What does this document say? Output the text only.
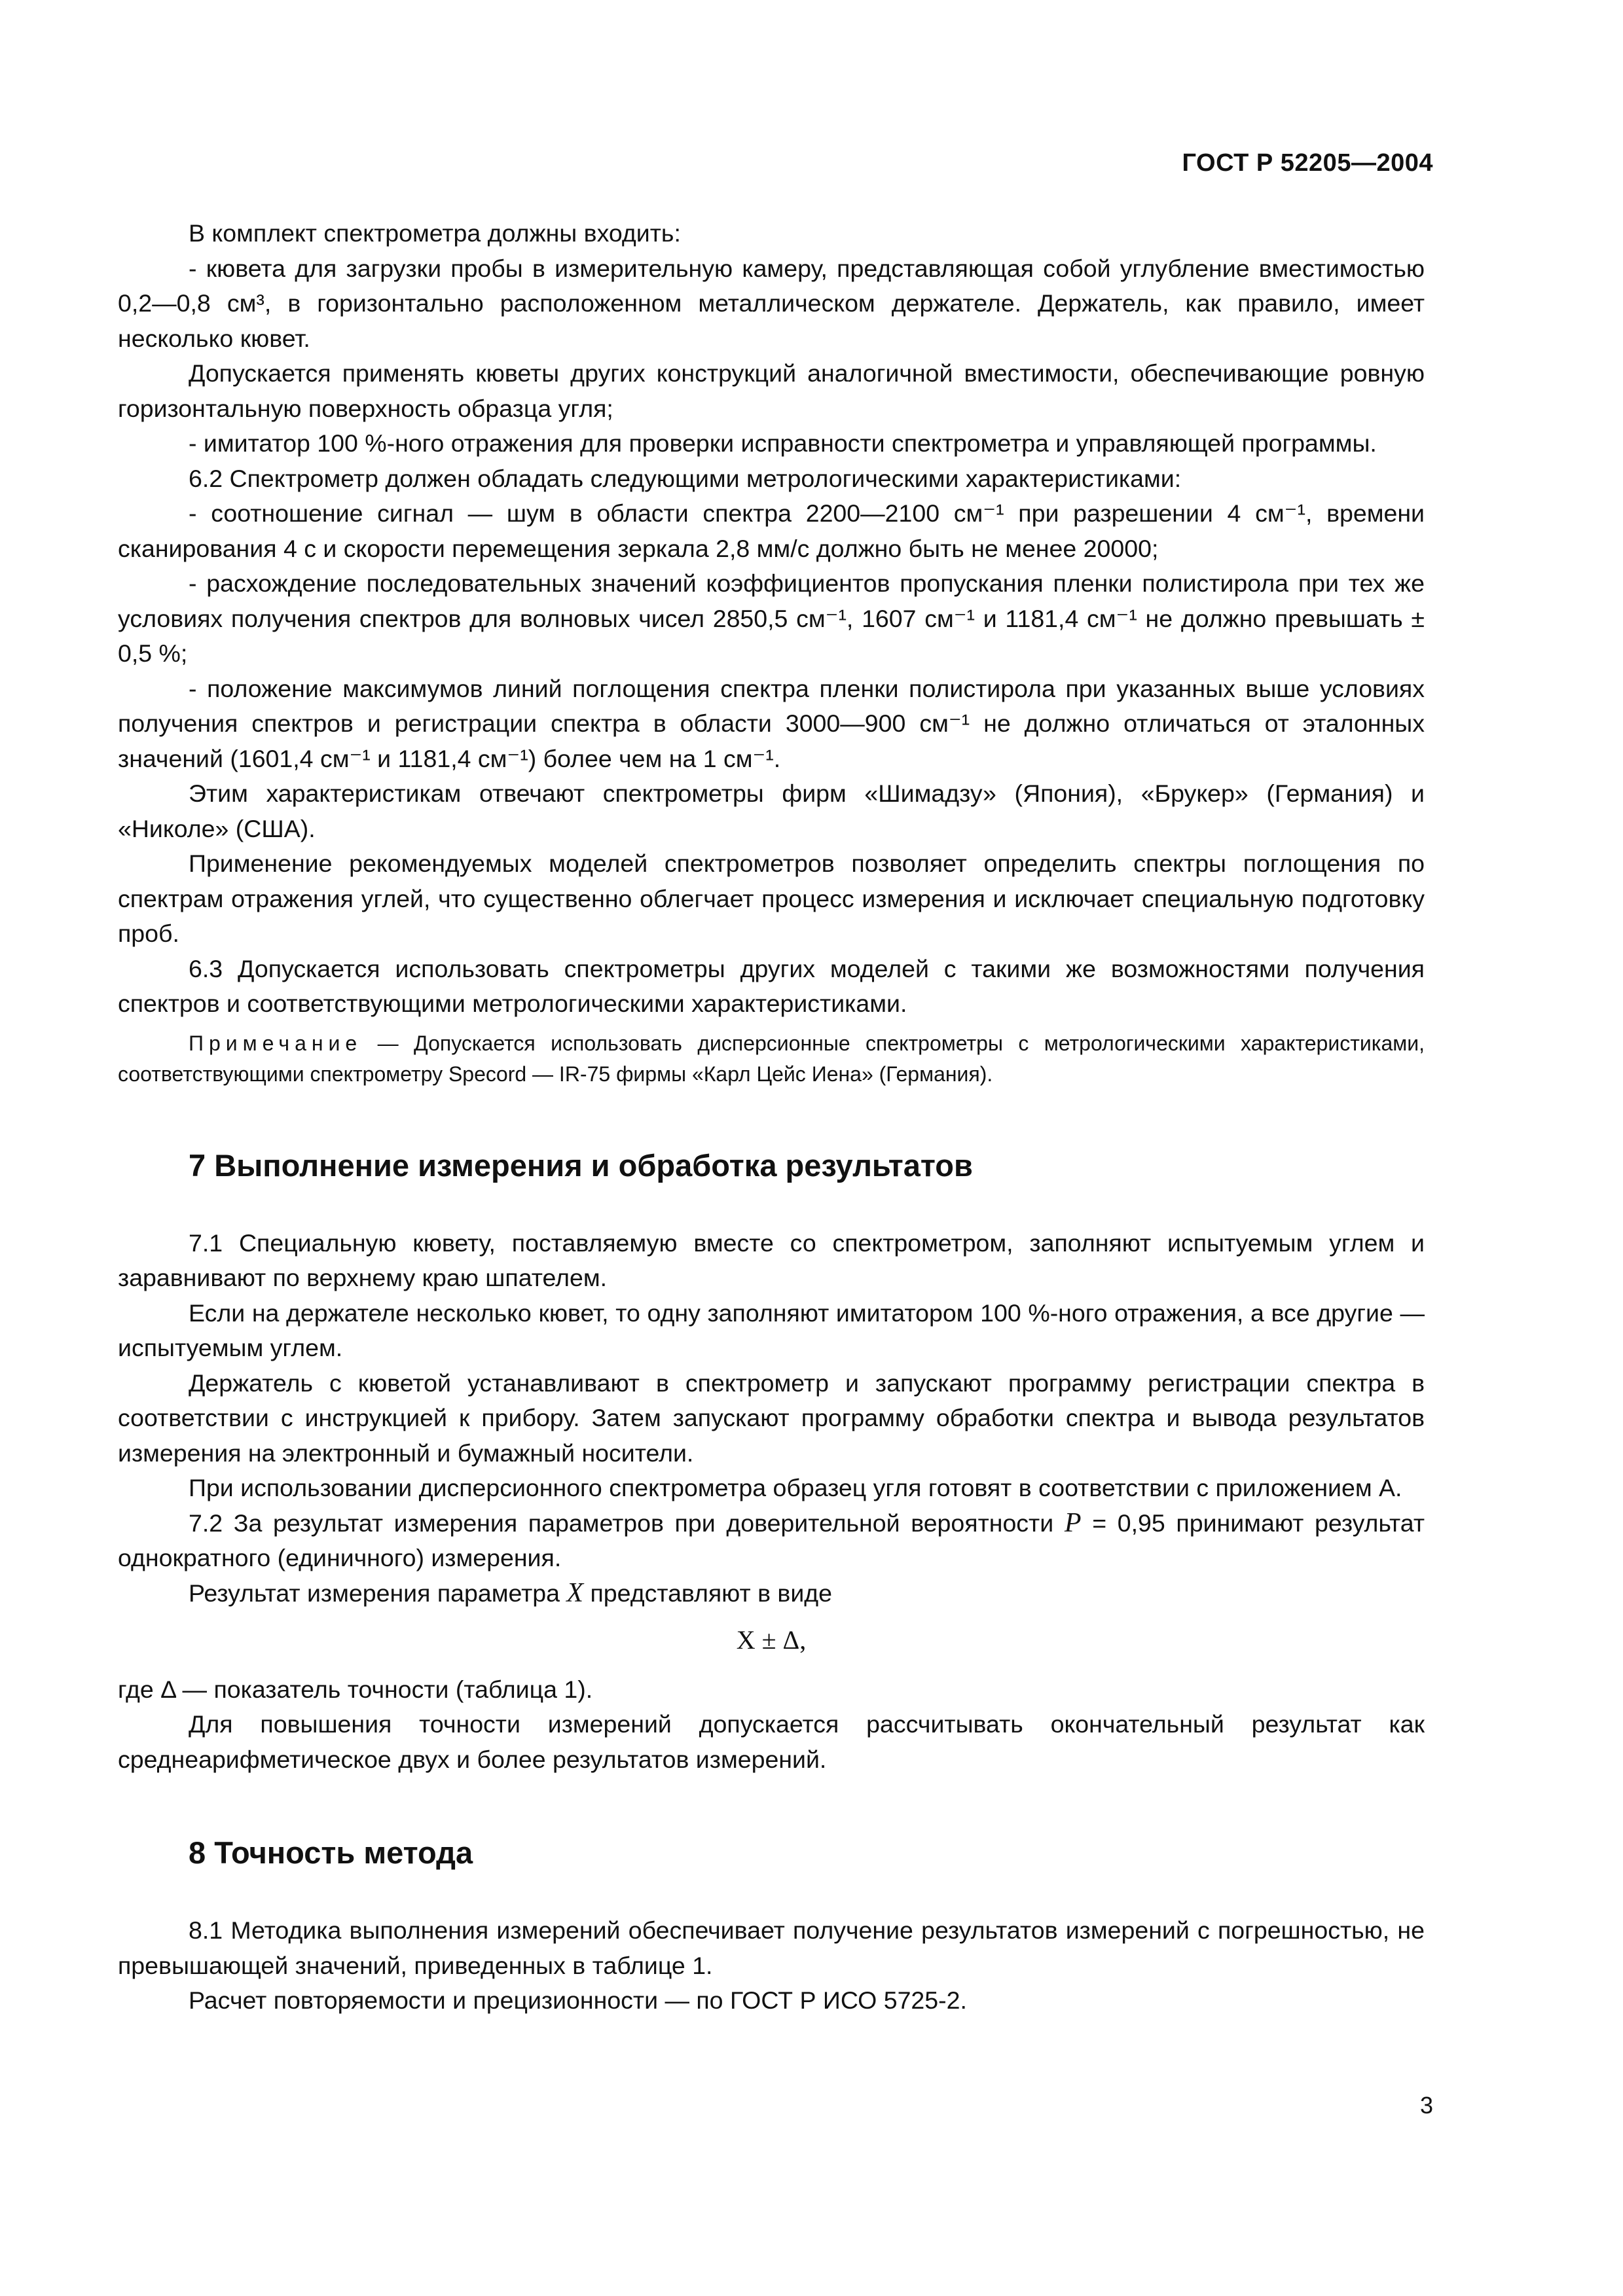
ГОСТ Р 52205—2004

В комплект спектрометра должны входить:

- кювета для загрузки пробы в измерительную камеру, представляющая собой углубление вместимостью 0,2—0,8 см³, в горизонтально расположенном металлическом держателе. Держатель, как правило, имеет несколько кювет.

Допускается применять кюветы других конструкций аналогичной вместимости, обеспечивающие ровную горизонтальную поверхность образца угля;

- имитатор 100 %-ного отражения для проверки исправности спектрометра и управляющей программы.

6.2 Спектрометр должен обладать следующими метрологическими характеристиками:

- соотношение сигнал — шум в области спектра 2200—2100 см⁻¹ при разрешении 4 см⁻¹, времени сканирования 4 с и скорости перемещения зеркала 2,8 мм/с должно быть не менее 20000;

- расхождение последовательных значений коэффициентов пропускания пленки полистирола при тех же условиях получения спектров для волновых чисел 2850,5 см⁻¹, 1607 см⁻¹ и 1181,4 см⁻¹ не должно превышать ± 0,5 %;

- положение максимумов линий поглощения спектра пленки полистирола при указанных выше условиях получения спектров и регистрации спектра в области 3000—900 см⁻¹ не должно отличаться от эталонных значений (1601,4 см⁻¹ и 1181,4 см⁻¹) более чем на 1 см⁻¹.

Этим характеристикам отвечают спектрометры фирм «Шимадзу» (Япония), «Брукер» (Германия) и «Николе» (США).

Применение рекомендуемых моделей спектрометров позволяет определить спектры поглощения по спектрам отражения углей, что существенно облегчает процесс измерения и исключает специальную подготовку проб.

6.3 Допускается использовать спектрометры других моделей с такими же возможностями получения спектров и соответствующими метрологическими характеристиками.

Примечание — Допускается использовать дисперсионные спектрометры с метрологическими характеристиками, соответствующими спектрометру Specord — IR-75 фирмы «Карл Цейс Иена» (Германия).

7 Выполнение измерения и обработка результатов

7.1 Специальную кювету, поставляемую вместе со спектрометром, заполняют испытуемым углем и заравнивают по верхнему краю шпателем.

Если на держателе несколько кювет, то одну заполняют имитатором 100 %-ного отражения, а все другие — испытуемым углем.

Держатель с кюветой устанавливают в спектрометр и запускают программу регистрации спектра в соответствии с инструкцией к прибору. Затем запускают программу обработки спектра и вывода результатов измерения на электронный и бумажный носители.

При использовании дисперсионного спектрометра образец угля готовят в соответствии с приложением А.

7.2 За результат измерения параметров при доверительной вероятности P = 0,95 принимают результат однократного (единичного) измерения.

Результат измерения параметра X представляют в виде

X ± Δ,

где Δ — показатель точности (таблица 1).

Для повышения точности измерений допускается рассчитывать окончательный результат как среднеарифметическое двух и более результатов измерений.

8 Точность метода

8.1 Методика выполнения измерений обеспечивает получение результатов измерений с погрешностью, не превышающей значений, приведенных в таблице 1.

Расчет повторяемости и прецизионности — по ГОСТ Р ИСО 5725-2.

3
